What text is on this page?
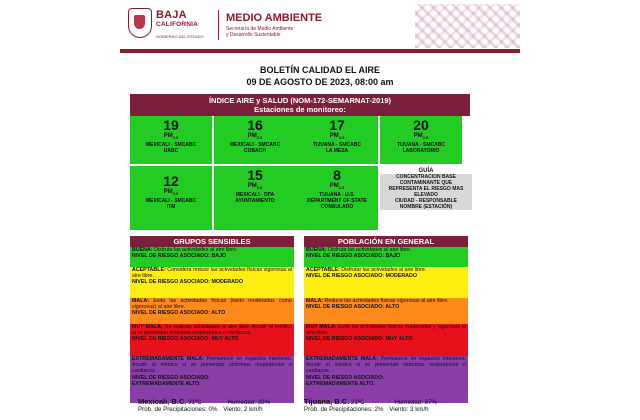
BAJA
CALIFORNIA
GOBIERNO DEL ESTADO
MEDIO AMBIENTE
Secretaría de Medio Ambiente
y Desarrollo Sustentable
BOLETÍN CALIDAD EL AIRE
09 DE AGOSTO DE 2023, 08:00 am
ÍNDICE AIRE y SALUD (NOM-172-SEMARNAT-2019)
Estaciones de monitoreo:
19
$PM_{2.5}$
MEXICALI - SMCABC
UABC
16
$PM_{2.5}$
MEXICALI - SMCABC
COBACH
17
$PM_{2.5}$
TIJUANA - SMCABC
LA MESA
20
$PM_{2.5}$
TIJUANA - SMCABC
LABORATORIO
12
$PM_{2.5}$
MEXICALI - SMCABC
ITM
15
$PM_{2.5}$
MEXICALI - DPA
AYUNTAMIENTO
8
$PM_{2.5}$
TIJUANA - U.S.
DEPARTMENT OF STATE
CONSULADO
GUÍA
CONCENTRACION BASE
CONTAMINANTE QUE
REPRESENTA EL RIESGO MAS
ELEVADO
CIUDAD - RESPONSABLE
NOMBRE (ESTACIÓN)
GRUPOS SENSIBLES
BUENA: Disfruta las actividades al aire libre.
NIVEL DE RIESGO ASOCIADO: BAJO
ACEPTABLE: Considera reducir las actividades físicas vigorosas al aire libre.
NIVEL DE RIESGO ASOCIADO: MODERADO
MALA: Evita las actividades físicas (tanto moderadas como vigorosas) al aire libre.
NIVEL DE RIESGO ASOCIADO: ALTO
MUY MALA: No realices actividades al aire libre. Acudir al médico si se presentan síntomas respiratorios o cardiacos.
NIVEL DE RIESGO ASOCIADO: MUY ALTO
EXTREMADAMENTE MALA: Permanece en espacios interiores. Acudir al médico si se presentan síntomas respiratorios o cardiacos.
NIVEL DE RIESGO ASOCIADO:
EXTREMADAMENTE ALTO.
POBLACIÓN EN GENERAL
BUENA: Disfruta las actividades al aire libre.
NIVEL DE RIESGO ASOCIADO: BAJO
ACEPTABLE: Disfrutar las actividades al aire libre.
NIVEL DE RIESGO ASOCIADO: MODERADO
MALA: Reduce las actividades físicas vigorosas al aire libre.
NIVEL DE RIESGO ASOCIADO: ALTO
MUY MALA: Evita las actividades físicas moderadas y vigorosas al aire libre.
NIVEL DE RIESGO ASOCIADO: MUY ALTO
EXTREMADAMENTE MALA: Permanece en espacios interiores. Acudir al médico si se presentan síntomas respiratorios o cardiacos.
NIVEL DE RIESGO ASOCIADO:
EXTREMADAMENTE ALTO.
Mexicali, B.C. 31ºC	Humedad: 32%
Prob. de Precipitaciones: 0% Viento: 2 km/h
Tijuana, B.C. 21ºC	Humedad: 87%
Prob. de Precipitaciones: 2% Viento: 3 km/h
